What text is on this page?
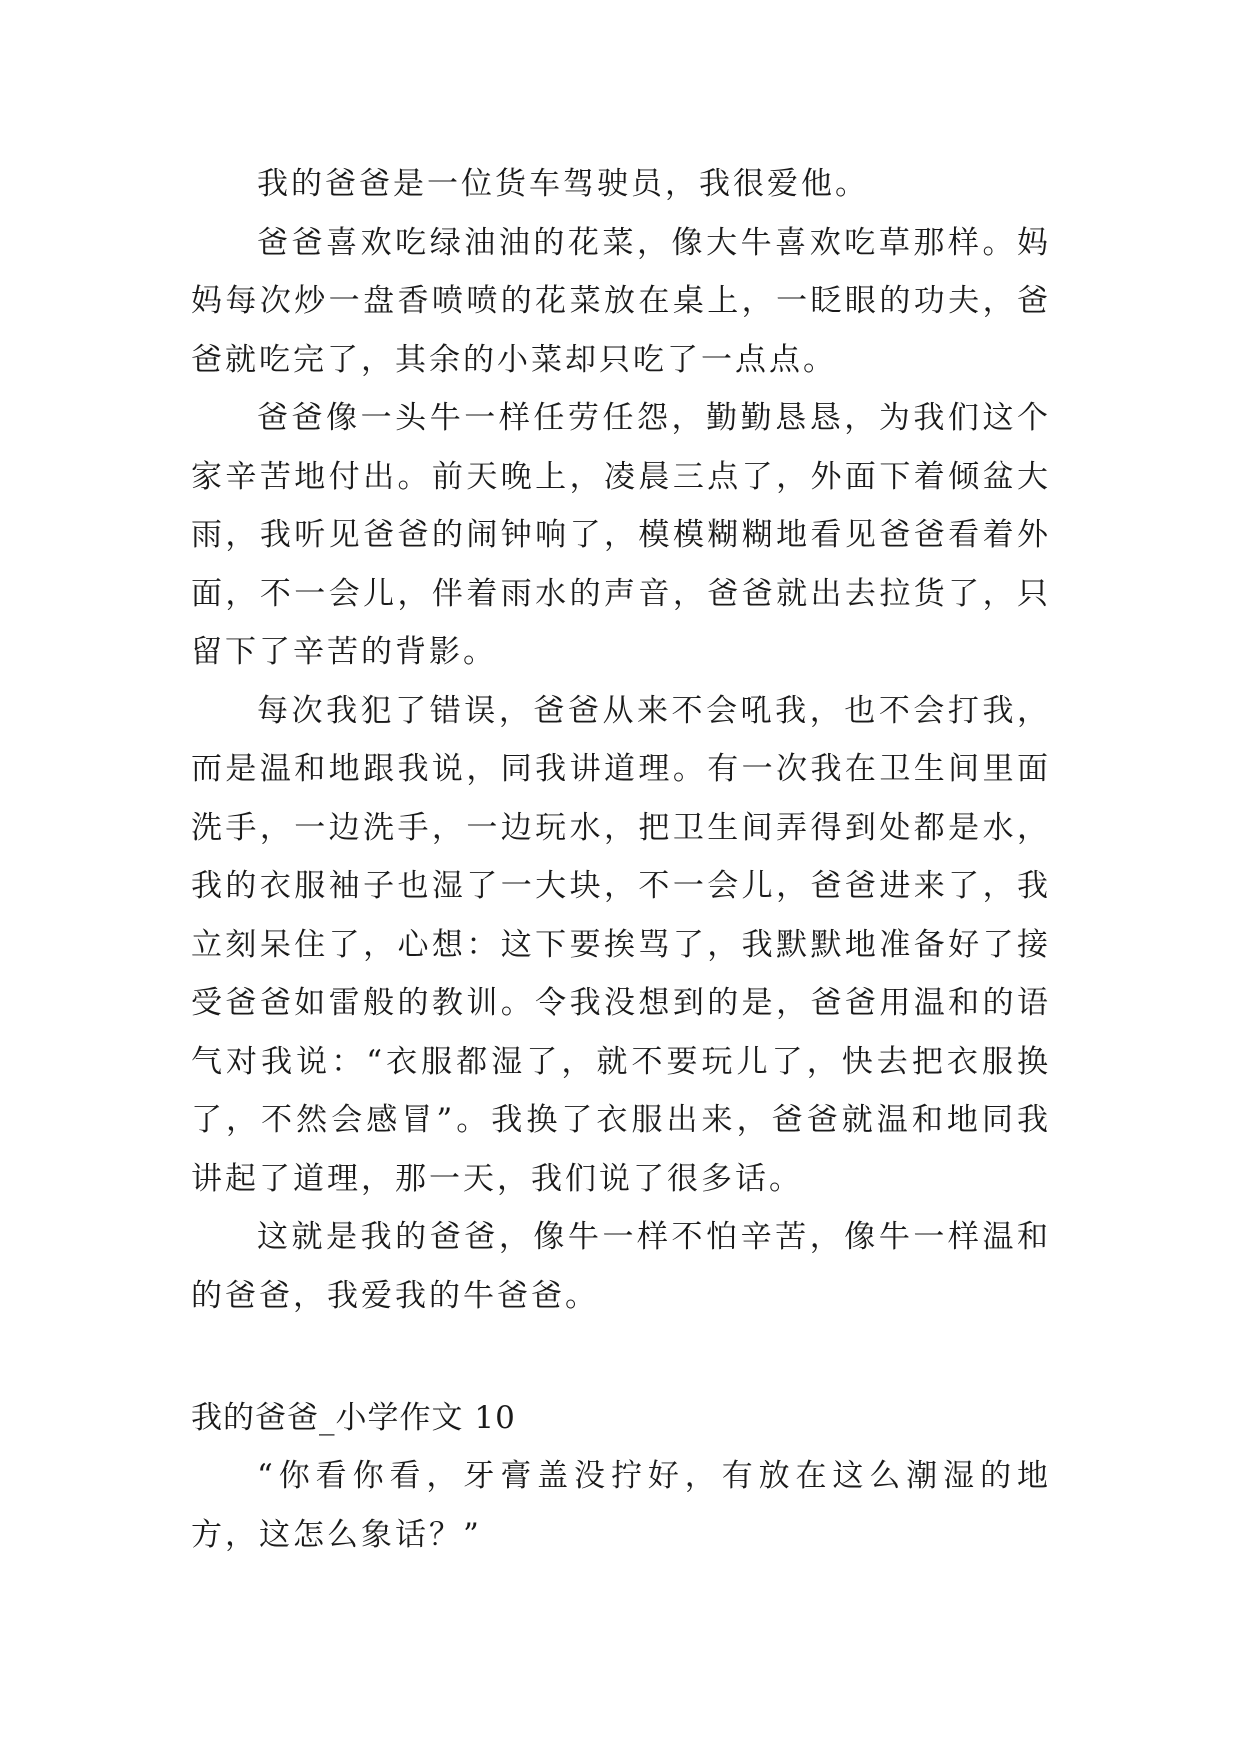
我的爸爸是一位货车驾驶员，我很爱他。

爸爸喜欢吃绿油油的花菜，像大牛喜欢吃草那样。妈妈每次炒一盘香喷喷的花菜放在桌上，一眨眼的功夫，爸爸就吃完了，其余的小菜却只吃了一点点。

爸爸像一头牛一样任劳任怨，勤勤恳恳，为我们这个家辛苦地付出。前天晚上，凌晨三点了，外面下着倾盆大雨，我听见爸爸的闹钟响了，模模糊糊地看见爸爸看着外面，不一会儿，伴着雨水的声音，爸爸就出去拉货了，只留下了辛苦的背影。

每次我犯了错误，爸爸从来不会吼我，也不会打我，而是温和地跟我说，同我讲道理。有一次我在卫生间里面洗手，一边洗手，一边玩水，把卫生间弄得到处都是水，我的衣服袖子也湿了一大块，不一会儿，爸爸进来了，我立刻呆住了，心想：这下要挨骂了，我默默地准备好了接受爸爸如雷般的教训。令我没想到的是，爸爸用温和的语气对我说：“衣服都湿了，就不要玩儿了，快去把衣服换了，不然会感冒”。我换了衣服出来，爸爸就温和地同我讲起了道理，那一天，我们说了很多话。

这就是我的爸爸，像牛一样不怕辛苦，像牛一样温和的爸爸，我爱我的牛爸爸。

我的爸爸_小学作文 10

“你看你看，牙膏盖没拧好，有放在这么潮湿的地方，这怎么象话？”
